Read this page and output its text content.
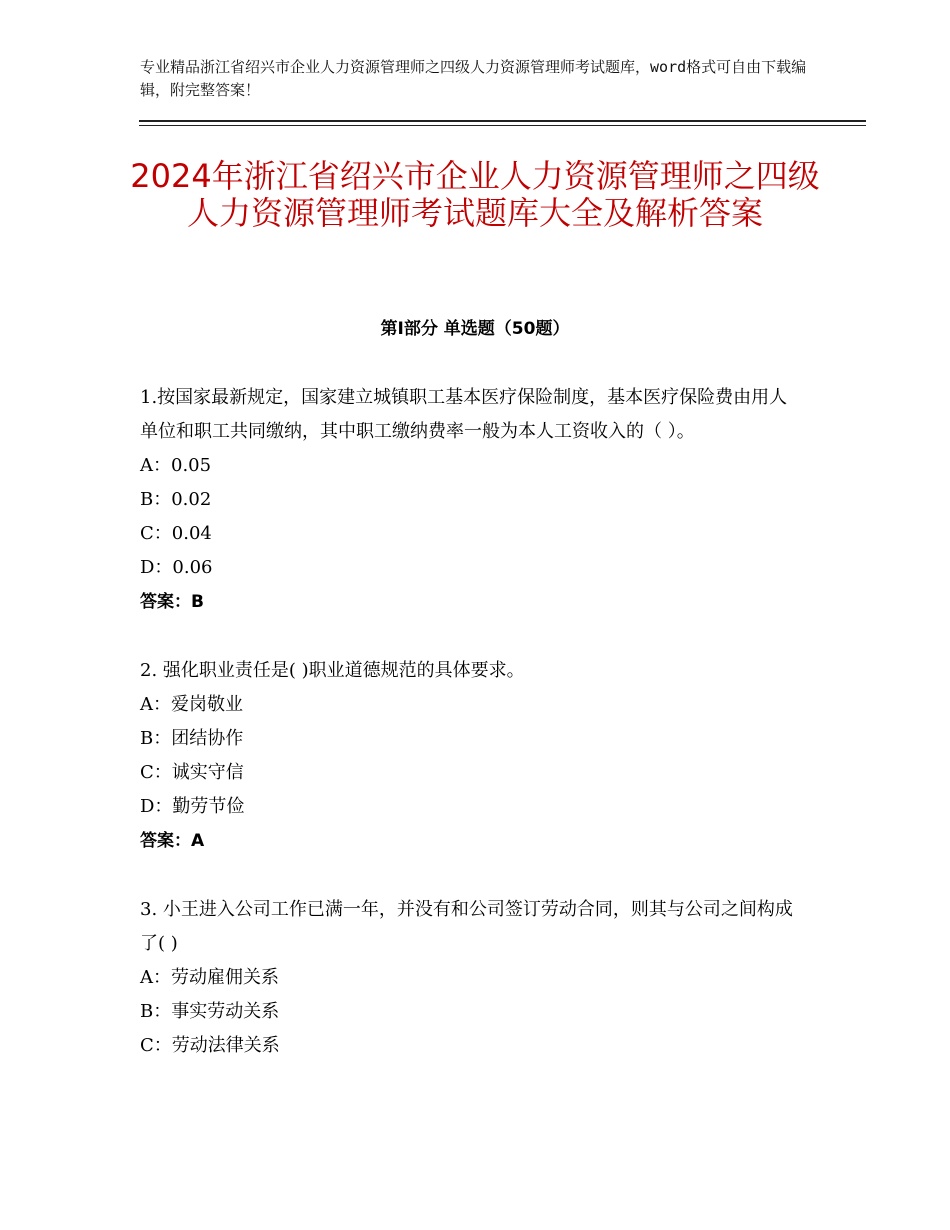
专业精品浙江省绍兴市企业人力资源管理师之四级人力资源管理师考试题库，word格式可自由下载编辑，附完整答案！
2024年浙江省绍兴市企业人力资源管理师之四级人力资源管理师考试题库大全及解析答案
第Ⅰ部分 单选题（50题）

1.按国家最新规定，国家建立城镇职工基本医疗保险制度，基本医疗保险费由用人单位和职工共同缴纳，其中职工缴纳费率一般为本人工资收入的（ ）。

A：0.05
B：0.02
C：0.04
D：0.06
答案：B

2. 强化职业责任是( )职业道德规范的具体要求。

A：爱岗敬业
B：团结协作
C：诚实守信
D：勤劳节俭
答案：A

3. 小王进入公司工作已满一年，并没有和公司签订劳动合同，则其与公司之间构成了( )

A：劳动雇佣关系
B：事实劳动关系
C：劳动法律关系
